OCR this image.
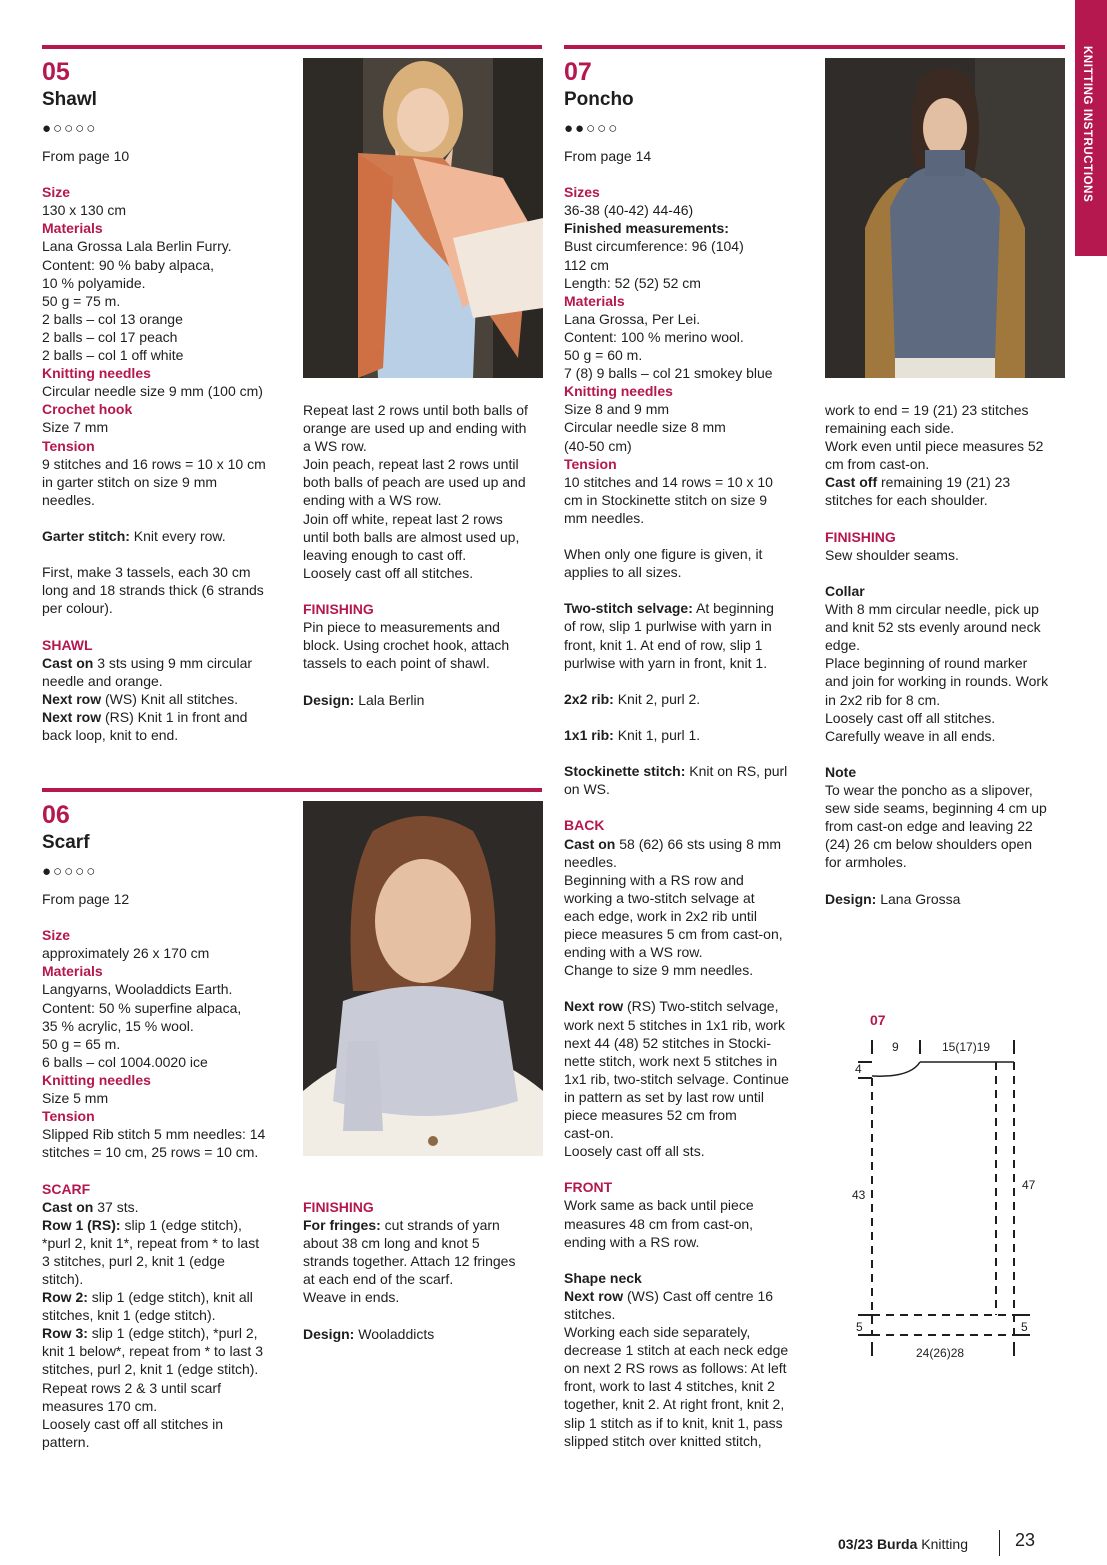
KNITTING INSTRUCTIONS
05
Shawl
●○○○○

From page 10

Size

130 x 130 cm

Materials

Lana Grossa Lala Berlin Furry.

Content: 90 % baby alpaca,

10 % polyamide.

50 g = 75 m.

2 balls – col 13 orange

2 balls – col 17 peach

2 balls – col 1 off white

Knitting needles

Circular needle size 9 mm (100 cm)

Crochet hook

Size 7 mm

Tension

9 stitches and 16 rows = 10 x 10 cm

in garter stitch on size 9 mm

needles.

Garter stitch: Knit every row.

First, make 3 tassels, each 30 cm

long and 18 strands thick (6 strands

per colour).

SHAWL

Cast on 3 sts using 9 mm circular

needle and orange.

Next row (WS) Knit all stitches.

Next row (RS) Knit 1 in front and

back loop, knit to end.

Repeat last 2 rows until both balls of

orange are used up and ending with

a WS row.

Join peach, repeat last 2 rows until

both balls of peach are used up and

ending with a WS row.

Join off white, repeat last 2 rows

until both balls are almost used up,

leaving enough to cast off.

Loosely cast off all stitches.

FINISHING

Pin piece to measurements and

block. Using crochet hook, attach

tassels to each point of shawl.

Design: Lala Berlin

06
Scarf
●○○○○

From page 12

Size

approximately 26 x 170 cm

Materials

Langyarns, Wooladdicts Earth.

Content: 50 % superfine alpaca,

35 % acrylic, 15 % wool.

50 g = 65 m.

6 balls – col 1004.0020 ice

Knitting needles

Size 5 mm

Tension

Slipped Rib stitch 5 mm needles: 14

stitches = 10 cm, 25 rows = 10 cm.

SCARF

Cast on 37 sts.

Row 1 (RS): slip 1 (edge stitch),

*purl 2, knit 1*, repeat from * to last

3 stitches, purl 2, knit 1 (edge

stitch).

Row 2: slip 1 (edge stitch), knit all

stitches, knit 1 (edge stitch).

Row 3: slip 1 (edge stitch), *purl 2,

knit 1 below*, repeat from * to last 3

stitches, purl 2, knit 1 (edge stitch).

Repeat rows 2 & 3 until scarf

measures 170 cm.

Loosely cast off all stitches in

pattern.

FINISHING

For fringes: cut strands of yarn

about 38 cm long and knot 5

strands together. Attach 12 fringes

at each end of the scarf.

Weave in ends.

Design: Wooladdicts

07
Poncho
●●○○○

From page 14

Sizes

36-38 (40-42) 44-46)

Finished measurements:

Bust circumference: 96 (104)

112 cm

Length: 52 (52) 52 cm

Materials

Lana Grossa, Per Lei.

Content: 100 % merino wool.

50 g = 60 m.

7 (8) 9 balls – col 21 smokey blue

Knitting needles

Size 8 and 9 mm

Circular needle size 8 mm

(40-50 cm)

Tension

10 stitches and 14 rows = 10 x 10

cm in Stockinette stitch on size 9

mm needles.

When only one figure is given, it

applies to all sizes.

Two-stitch selvage: At beginning

of row, slip 1 purlwise with yarn in

front, knit 1. At end of row, slip 1

purlwise with yarn in front, knit 1.

2x2 rib: Knit 2, purl 2.

1x1 rib: Knit 1, purl 1.

Stockinette stitch: Knit on RS, purl

on WS.

BACK

Cast on 58 (62) 66 sts using 8 mm

needles.

Beginning with a RS row and

working a two-stitch selvage at

each edge, work in 2x2 rib until

piece measures 5 cm from cast-on,

ending with a WS row.

Change to size 9 mm needles.

Next row (RS) Two-stitch selvage,

work next 5 stitches in 1x1 rib, work

next 44 (48) 52 stitches in Stocki-

nette stitch, work next 5 stitches in

1x1 rib, two-stitch selvage. Continue

in pattern as set by last row until

piece measures 52 cm from

cast-on.

Loosely cast off all sts.

FRONT

Work same as back until piece

measures 48 cm from cast-on,

ending with a RS row.

Shape neck

Next row (WS) Cast off centre 16

stitches.

Working each side separately,

decrease 1 stitch at each neck edge

on next 2 RS rows as follows: At left

front, work to last 4 stitches, knit 2

together, knit 2. At right front, knit 2,

slip 1 stitch as if to knit, knit 1, pass

slipped stitch over knitted stitch,

work to end = 19 (21) 23 stitches

remaining each side.

Work even until piece measures 52

cm from cast-on.

Cast off remaining 19 (21) 23

stitches for each shoulder.

FINISHING

Sew shoulder seams.

Collar

With 8 mm circular needle, pick up

and knit 52 sts evenly around neck

edge.

Place beginning of round marker

and join for working in rounds. Work

in 2x2 rib for 8 cm.

Loosely cast off all stitches.

Carefully weave in all ends.

Note

To wear the poncho as a slipover,

sew side seams, beginning 4 cm up

from cast-on edge and leaving 22

(24) 26 cm below shoulders open

for armholes.

Design: Lana Grossa

07
9	15(17)19
4
43
47
5	5
24(26)28
03/23 Burda Knitting	23
